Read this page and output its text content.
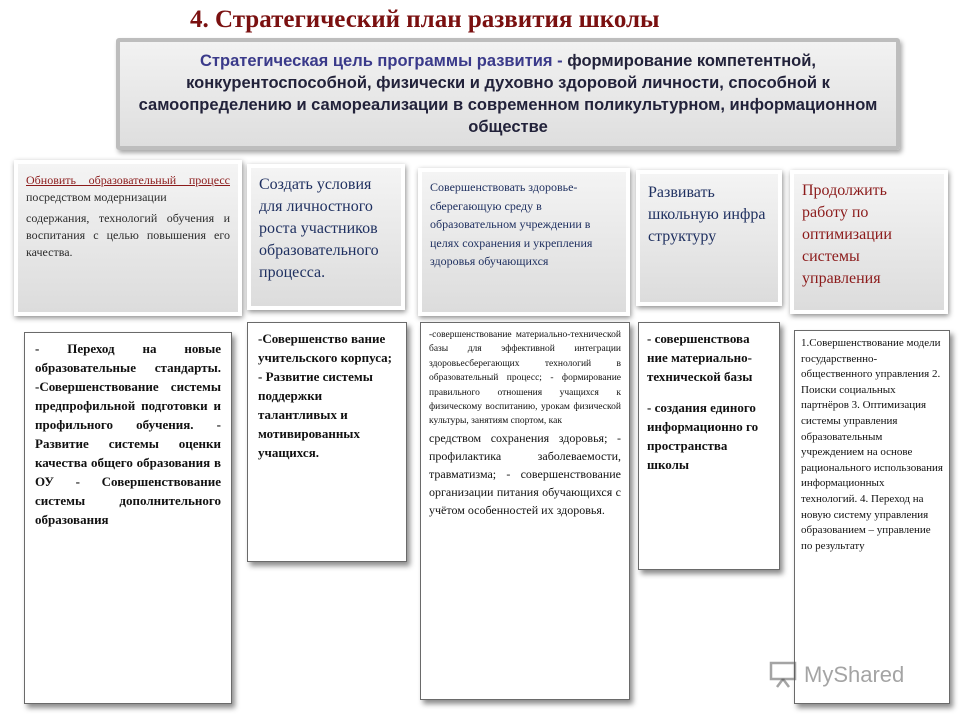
4. Стратегический план развития школы
Стратегическая цель программы развития - формирование компетентной, конкурентоспособной, физически и духовно здоровой личности, способной к самоопределению и самореализации в современном поликультурном, информационном обществе

Обновить образовательный процесс посредством модернизации

содержания, технологий обучения и воспитания с целью повышения его качества.

Создать условия для личностного роста участников образовательного процесса.
Совершенствовать здоровье-сберегающую среду в образовательном учреждении в целях сохранения и укрепления здоровья обучающихся
Развивать школьную инфра структуру
Продолжить работу по оптимизации системы управления

- Переход на новые образовательные стандарты. -Совершенствование системы предпрофильной подготовки и профильного обучения. - Развитие системы оценки качества общего образования в ОУ - Совершенствование системы дополнительного образования

-Совершенство вание учительского корпуса; - Развитие системы поддержки талантливых и мотивированных учащихся.

-совершенствование материально-технической базы для эффективной интеграции здоровьесберегающих технологий в образовательный процесс; - формирование правильного отношения учащихся к физическому воспитанию, урокам физической культуры, занятиям спортом, как

средством сохранения здоровья; - профилактика заболеваемости, травматизма; - совершенствование организации питания обучающихся с учётом особенностей их здоровья.

- совершенствова ние материально-технической базы

- создания единого информационно го пространства школы

1.Совершенствование модели государственно-общественного управления 2. Поиски социальных партнёров 3. Оптимизация системы управления образовательным учреждением на основе рационального использования информационных технологий. 4. Переход на новую систему управления образованием – управление по результату

MyShared
